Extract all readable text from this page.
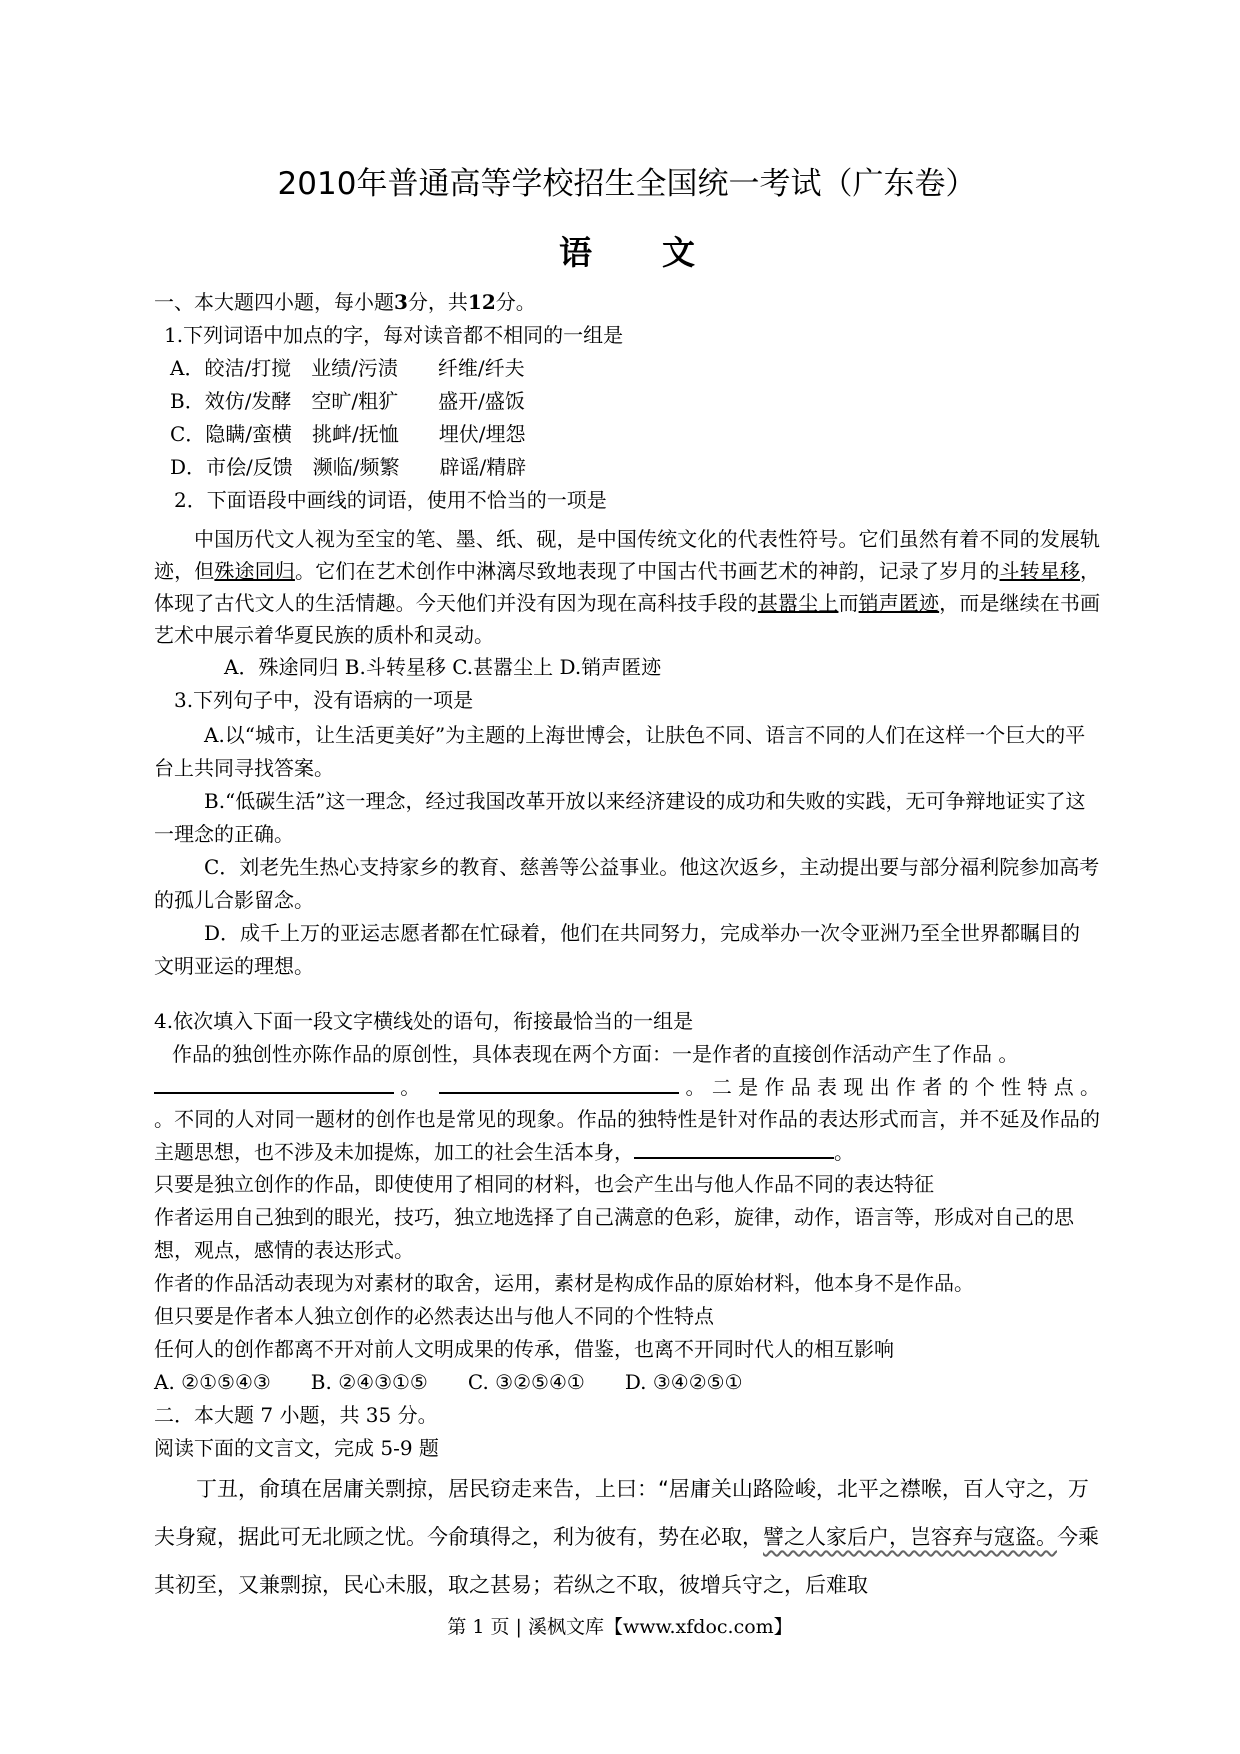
2010年普通高等学校招生全国统一考试（广东卷）
语文
一、本大题四小题，每小题3分，共12分。
1.下列词语中加点的字，每对读音都不相同的一组是
A．皎洁/打搅　业绩/污渍　　纤维/纤夫
B．效仿/发酵　空旷/粗犷　　盛开/盛饭
C．隐瞒/蛮横　挑衅/抚恤　　埋伏/埋怨
D．市侩/反馈　濒临/频繁　　辟谣/精辟
2．下面语段中画线的词语，使用不恰当的一项是
中国历代文人视为至宝的笔、墨、纸、砚，是中国传统文化的代表性符号。它们虽然有着不同的发展轨迹，但殊途同归。它们在艺术创作中淋漓尽致地表现了中国古代书画艺术的神韵，记录了岁月的斗转星移，体现了古代文人的生活情趣。今天他们并没有因为现在高科技手段的甚嚣尘上而销声匿迹，而是继续在书画艺术中展示着华夏民族的质朴和灵动。
A．殊途同归 B.斗转星移 C.甚嚣尘上 D.销声匿迹
3.下列句子中，没有语病的一项是
A.以“城市，让生活更美好”为主题的上海世博会，让肤色不同、语言不同的人们在这样一个巨大的平台上共同寻找答案。
B.“低碳生活”这一理念，经过我国改革开放以来经济建设的成功和失败的实践，无可争辩地证实了这一理念的正确。
C．刘老先生热心支持家乡的教育、慈善等公益事业。他这次返乡，主动提出要与部分福利院参加高考的孤儿合影留念。
D．成千上万的亚运志愿者都在忙碌着，他们在共同努力，完成举办一次令亚洲乃至全世界都瞩目的文明亚运的理想。
4.依次填入下面一段文字横线处的语句，衔接最恰当的一组是
作品的独创性亦陈作品的原创性，具体表现在两个方面：一是作者的直接创作活动产生了作品 。
。	。二是作品表现出作者的个性特点。
。不同的人对同一题材的创作也是常见的现象。作品的独特性是针对作品的表达形式而言，并不延及作品的主题思想，也不涉及未加提炼，加工的社会生活本身，	。
只要是独立创作的作品，即使使用了相同的材料，也会产生出与他人作品不同的表达特征
作者运用自己独到的眼光，技巧，独立地选择了自己满意的色彩，旋律，动作，语言等，形成对自己的思想，观点，感情的表达形式。
作者的作品活动表现为对素材的取舍，运用，素材是构成作品的原始材料，他本身不是作品。
但只要是作者本人独立创作的必然表达出与他人不同的个性特点
任何人的创作都离不开对前人文明成果的传承，借鉴，也离不开同时代人的相互影响
A. ②①⑤④③　　B. ②④③①⑤　　C. ③②⑤④①　　D. ③④②⑤①
二．本大题 7 小题，共 35 分。
阅读下面的文言文，完成 5-9 题
丁丑，俞瑱在居庸关剽掠，居民窃走来告，上曰：“居庸关山路险峻，北平之襟喉，百人守之，万夫身窥，据此可无北顾之忧。今俞瑱得之，利为彼有，势在必取，譬之人家后户，岂容弃与寇盗。今乘其初至，又兼剽掠，民心未服，取之甚易；若纵之不取，彼增兵守之，后难取
第 1 页 | 溪枫文库【www.xfdoc.com】
